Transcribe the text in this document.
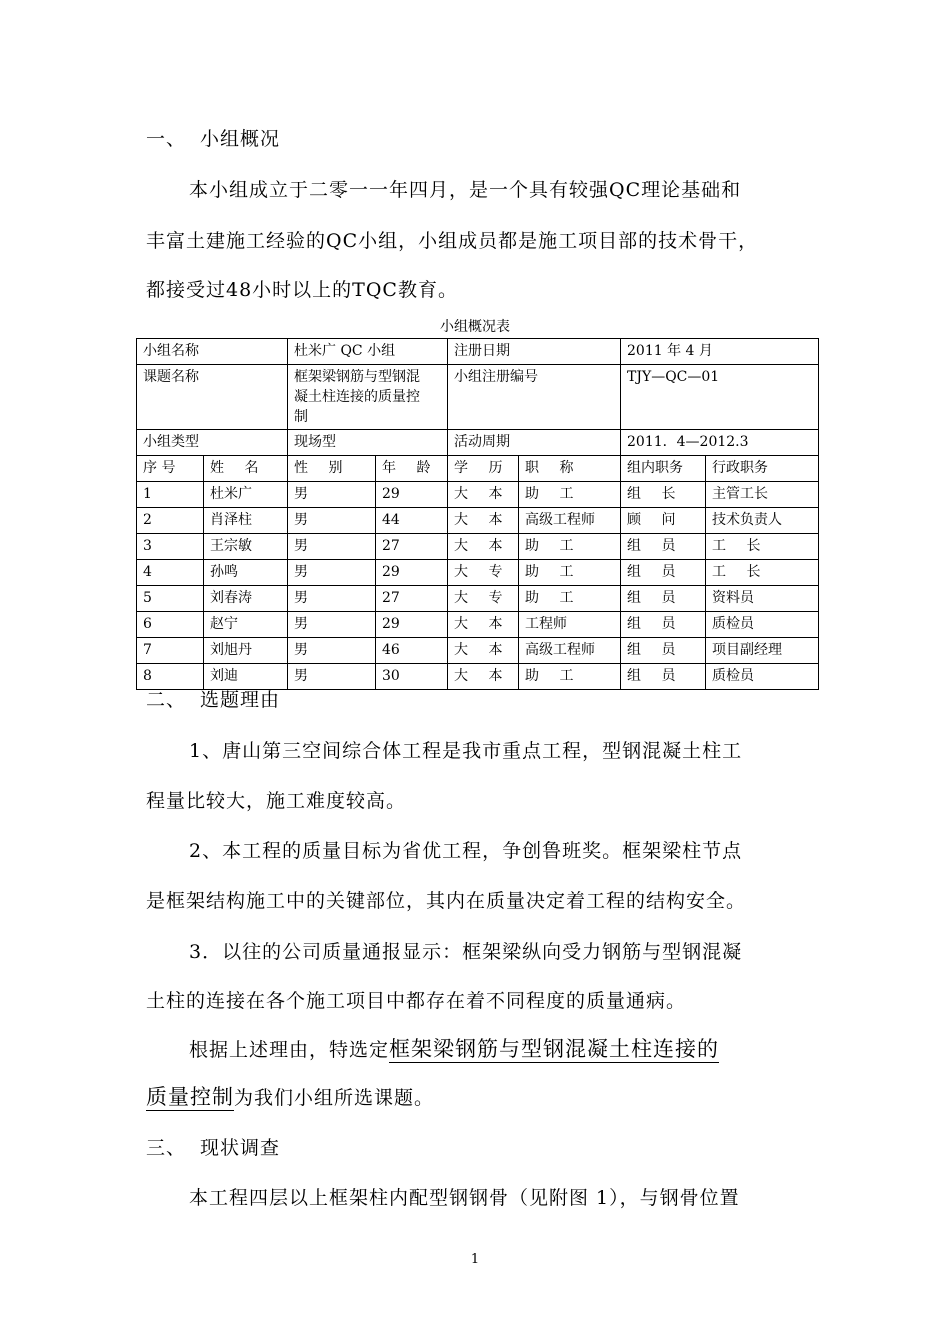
一、 小组概况
本小组成立于二零一一年四月，是一个具有较强QC理论基础和
丰富土建施工经验的QC小组，小组成员都是施工项目部的技术骨干，
都接受过48小时以上的TQC教育。
小组概况表
小组名称		杜米广 QC 小组		注册日期		2011 年 4 月	
课题名称		框架梁钢筋与型钢混凝土柱连接的质量控制		小组注册编号		TJY—QC—01	
小组类型		现场型		活动周期		2011．4—2012.3	
序 号	姓 名	性 别	年 龄	学 历	职 称	组内职务	行政职务
1	杜米广	男	29	大 本	助 工	组 长	主管工长
2	肖泽柱	男	44	大 本	高级工程师	顾 问	技术负责人
3	王宗敏	男	27	大 本	助 工	组 员	工 长
4	孙鸣	男	29	大 专	助 工	组 员	工 长
5	刘春涛	男	27	大 专	助 工	组 员	资料员
6	赵宁	男	29	大 本	工程师	组 员	质检员
7	刘旭丹	男	46	大 本	高级工程师	组 员	项目副经理
8	刘迪	男	30	大 本	助 工	组 员	质检员
二、 选题理由
1、唐山第三空间综合体工程是我市重点工程，型钢混凝土柱工
程量比较大，施工难度较高。
2、本工程的质量目标为省优工程，争创鲁班奖。框架梁柱节点
是框架结构施工中的关键部位，其内在质量决定着工程的结构安全。
3．以往的公司质量通报显示：框架梁纵向受力钢筋与型钢混凝
土柱的连接在各个施工项目中都存在着不同程度的质量通病。
根据上述理由，特选定框架梁钢筋与型钢混凝土柱连接的
质量控制为我们小组所选课题。
三、 现状调查
本工程四层以上框架柱内配型钢钢骨（见附图 1），与钢骨位置
1
